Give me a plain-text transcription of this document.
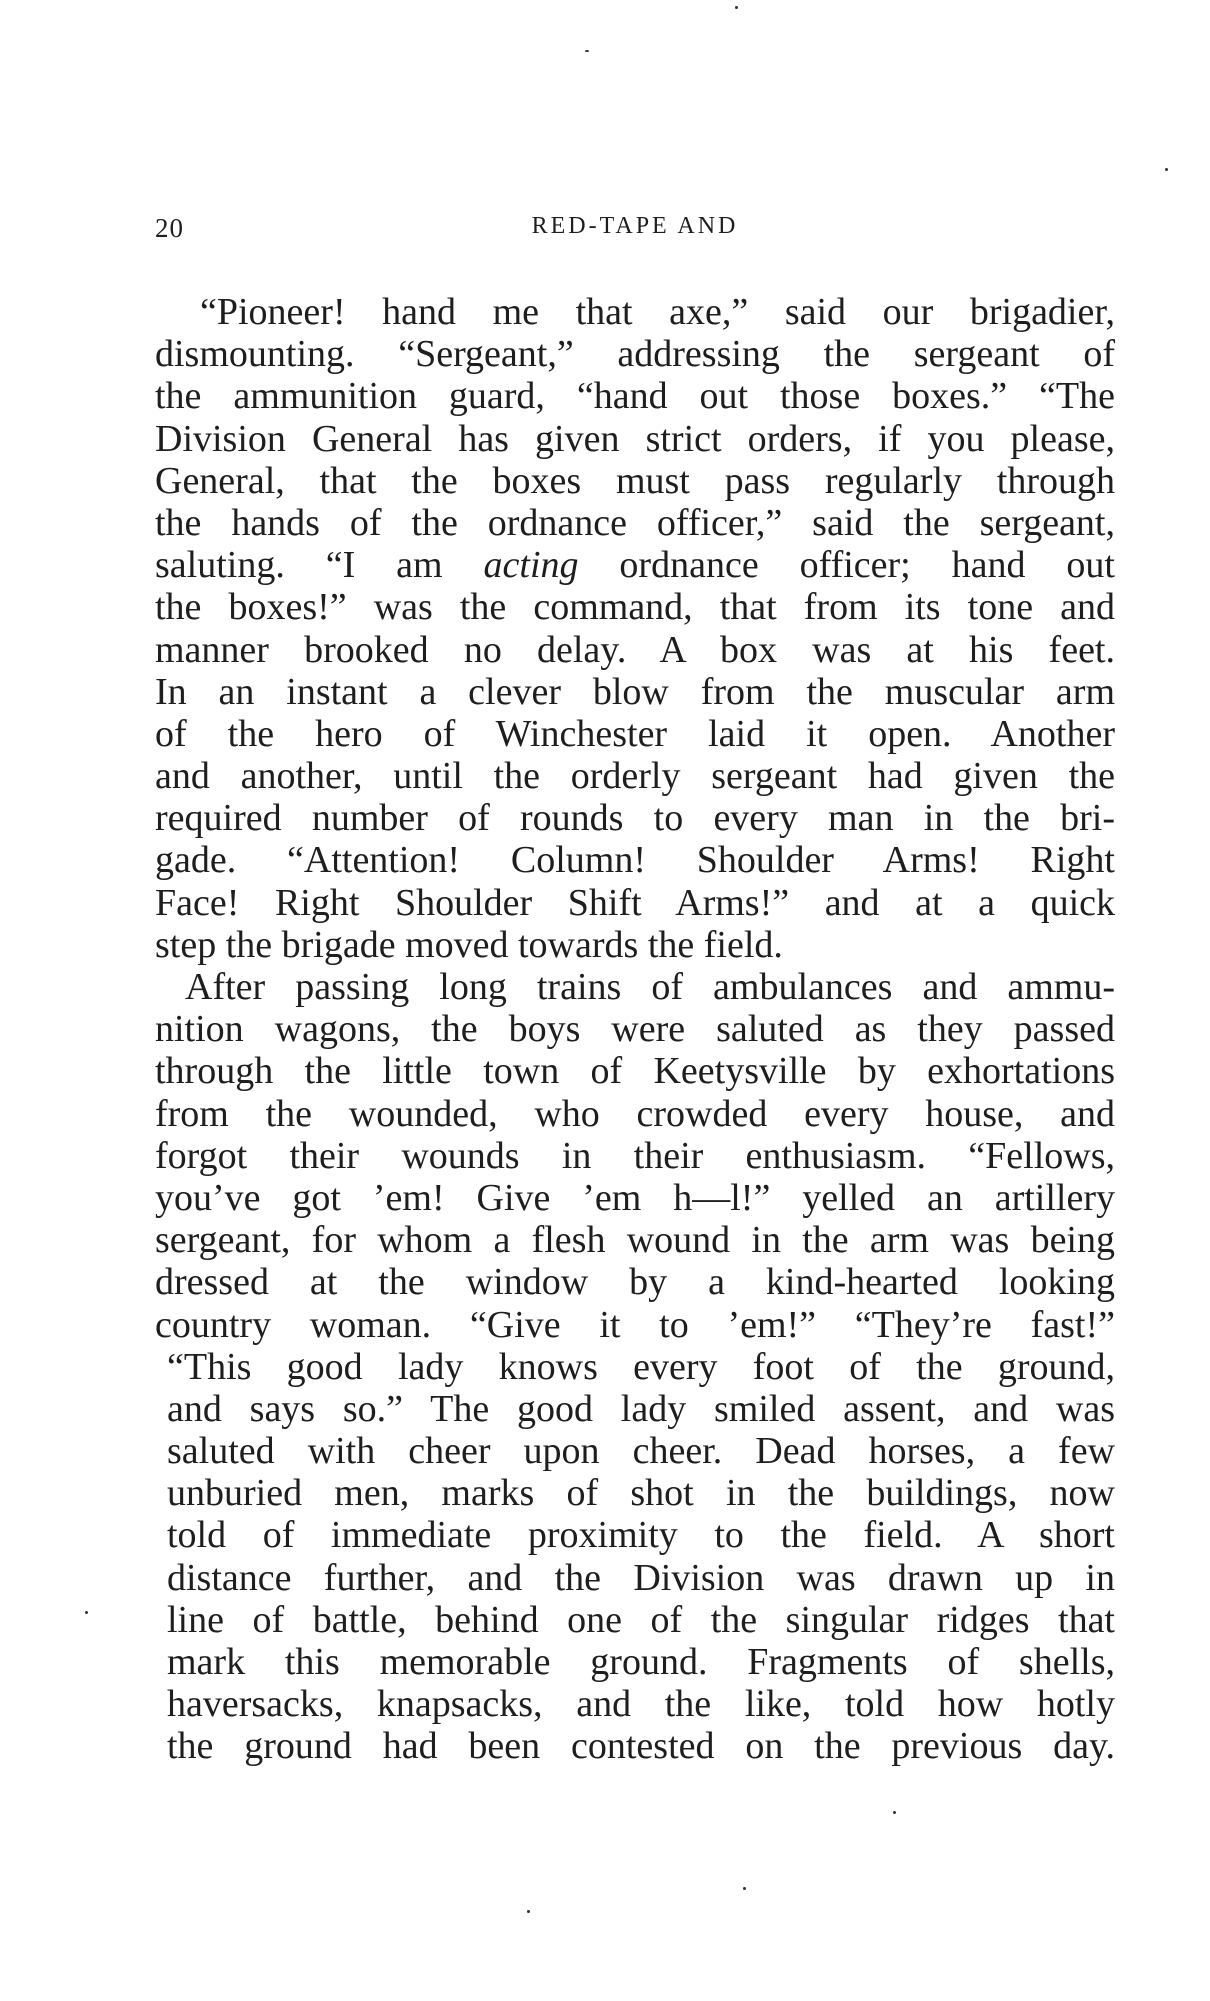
20	RED-TAPE AND
“Pioneer! hand me that axe,” said our brigadier,
dismounting. “Sergeant,” addressing the sergeant of
the ammunition guard, “hand out those boxes.” “The
Division General has given strict orders, if you please,
General, that the boxes must pass regularly through
the hands of the ordnance officer,” said the sergeant,
saluting. “I am acting ordnance officer; hand out
the boxes!” was the command, that from its tone and
manner brooked no delay. A box was at his feet.
In an instant a clever blow from the muscular arm
of the hero of Winchester laid it open. Another
and another, until the orderly sergeant had given the
required number of rounds to every man in the bri-
gade. “Attention! Column! Shoulder Arms! Right
Face! Right Shoulder Shift Arms!” and at a quick
step the brigade moved towards the field.
After passing long trains of ambulances and ammu-
nition wagons, the boys were saluted as they passed
through the little town of Keetysville by exhortations
from the wounded, who crowded every house, and
forgot their wounds in their enthusiasm. “Fellows,
you’ve got ’em! Give ’em h—l!” yelled an artillery
sergeant, for whom a flesh wound in the arm was being
dressed at the window by a kind-hearted looking
country woman. “Give it to ’em!” “They’re fast!”
“This good lady knows every foot of the ground,
and says so.” The good lady smiled assent, and was
saluted with cheer upon cheer. Dead horses, a few
unburied men, marks of shot in the buildings, now
told of immediate proximity to the field. A short
distance further, and the Division was drawn up in
line of battle, behind one of the singular ridges that
mark this memorable ground. Fragments of shells,
haversacks, knapsacks, and the like, told how hotly
the ground had been contested on the previous day.
